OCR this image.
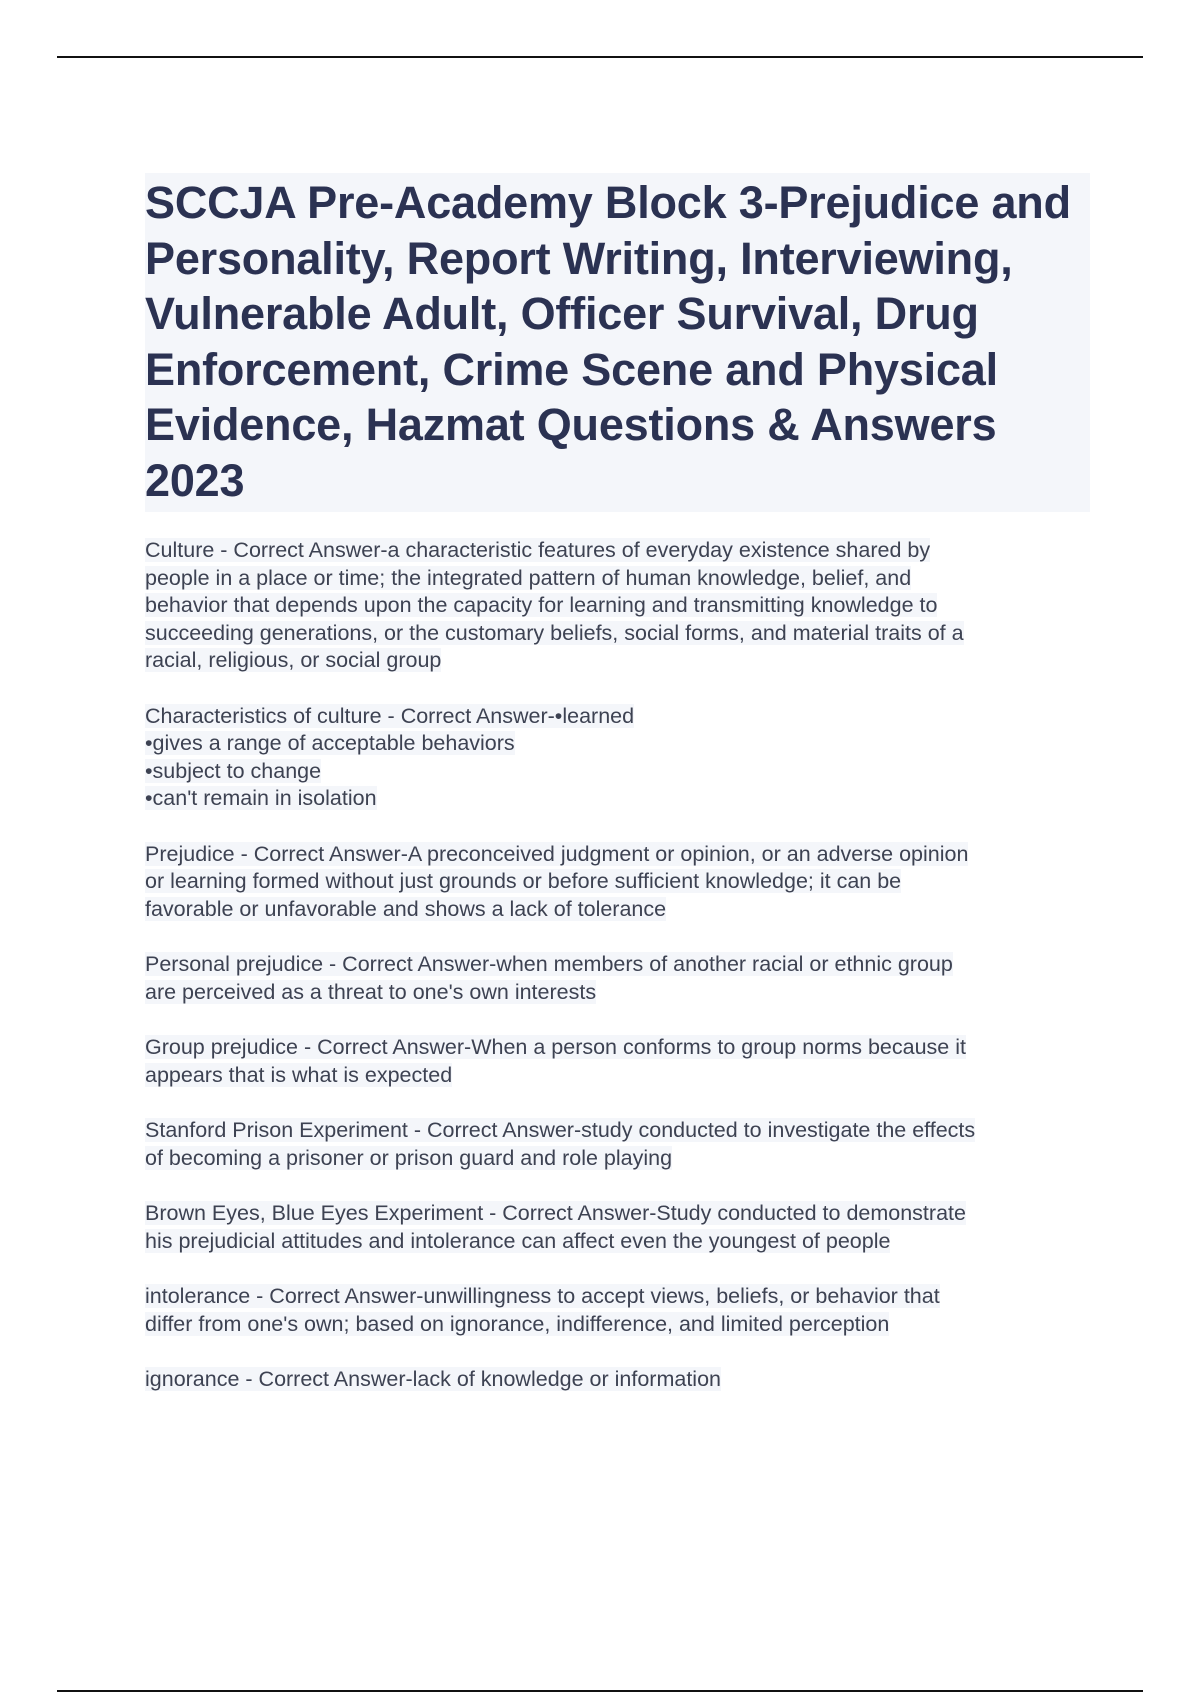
SCCJA Pre-Academy Block 3-Prejudice and Personality, Report Writing, Interviewing, Vulnerable Adult, Officer Survival, Drug Enforcement, Crime Scene and Physical Evidence, Hazmat Questions & Answers 2023
Culture - Correct Answer-a characteristic features of everyday existence shared by
people in a place or time; the integrated pattern of human knowledge, belief, and
behavior that depends upon the capacity for learning and transmitting knowledge to
succeeding generations, or the customary beliefs, social forms, and material traits of a
racial, religious, or social group
Characteristics of culture - Correct Answer-•learned
•gives a range of acceptable behaviors
•subject to change
•can't remain in isolation
Prejudice - Correct Answer-A preconceived judgment or opinion, or an adverse opinion
or learning formed without just grounds or before sufficient knowledge; it can be
favorable or unfavorable and shows a lack of tolerance
Personal prejudice - Correct Answer-when members of another racial or ethnic group
are perceived as a threat to one's own interests
Group prejudice - Correct Answer-When a person conforms to group norms because it
appears that is what is expected
Stanford Prison Experiment - Correct Answer-study conducted to investigate the effects
of becoming a prisoner or prison guard and role playing
Brown Eyes, Blue Eyes Experiment - Correct Answer-Study conducted to demonstrate
his prejudicial attitudes and intolerance can affect even the youngest of people
intolerance - Correct Answer-unwillingness to accept views, beliefs, or behavior that
differ from one's own; based on ignorance, indifference, and limited perception
ignorance - Correct Answer-lack of knowledge or information
